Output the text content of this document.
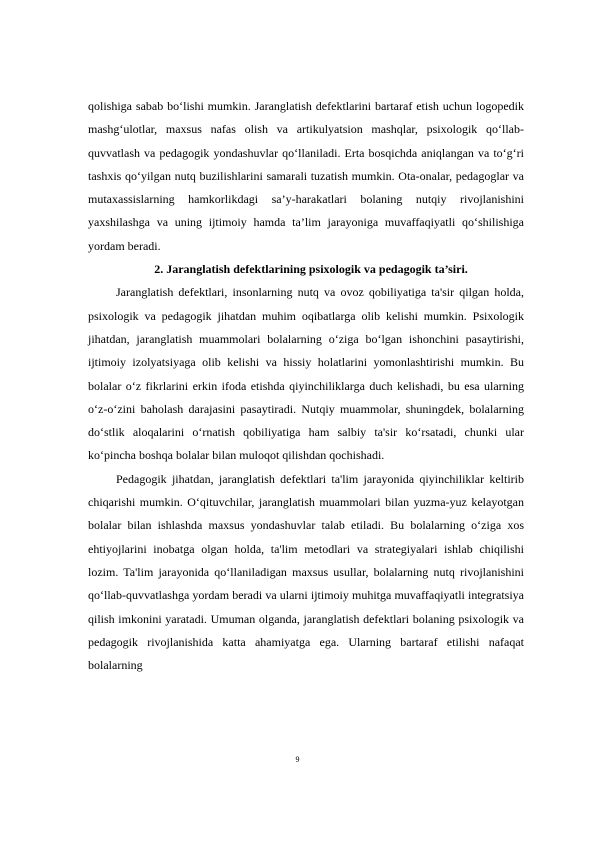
qolishiga sabab bo‘lishi mumkin. Jaranglatish defektlarini bartaraf etish uchun logopedik mashg‘ulotlar, maxsus nafas olish va artikulyatsion mashqlar, psixologik qo‘llab-quvvatlash va pedagogik yondashuvlar qo‘llaniladi. Erta bosqichda aniqlangan va to‘g‘ri tashxis qo‘yilgan nutq buzilishlarini samarali tuzatish mumkin. Ota-onalar, pedagoglar va mutaxassislarning hamkorlikdagi sa’y-harakatlari bolaning nutqiy rivojlanishini yaxshilashga va uning ijtimoiy hamda ta’lim jarayoniga muvaffaqiyatli qo‘shilishiga yordam beradi.

2. Jaranglatish defektlarining psixologik va pedagogik ta’siri.

Jaranglatish defektlari, insonlarning nutq va ovoz qobiliyatiga ta'sir qilgan holda, psixologik va pedagogik jihatdan muhim oqibatlarga olib kelishi mumkin. Psixologik jihatdan, jaranglatish muammolari bolalarning o‘ziga bo‘lgan ishonchini pasaytirishi, ijtimoiy izolyatsiyaga olib kelishi va hissiy holatlarini yomonlashtirishi mumkin. Bu bolalar o‘z fikrlarini erkin ifoda etishda qiyinchiliklarga duch kelishadi, bu esa ularning o‘z-o‘zini baholash darajasini pasaytiradi. Nutqiy muammolar, shuningdek, bolalarning do‘stlik aloqalarini o‘rnatish qobiliyatiga ham salbiy ta'sir ko‘rsatadi, chunki ular ko‘pincha boshqa bolalar bilan muloqot qilishdan qochishadi.

Pedagogik jihatdan, jaranglatish defektlari ta'lim jarayonida qiyinchiliklar keltirib chiqarishi mumkin. O‘qituvchilar, jaranglatish muammolari bilan yuzma-yuz kelayotgan bolalar bilan ishlashda maxsus yondashuvlar talab etiladi. Bu bolalarning o‘ziga xos ehtiyojlarini inobatga olgan holda, ta'lim metodlari va strategiyalari ishlab chiqilishi lozim. Ta'lim jarayonida qo‘llaniladigan maxsus usullar, bolalarning nutq rivojlanishini qo‘llab-quvvatlashga yordam beradi va ularni ijtimoiy muhitga muvaffaqiyatli integratsiya qilish imkonini yaratadi. Umuman olganda, jaranglatish defektlari bolaning psixologik va pedagogik rivojlanishida katta ahamiyatga ega. Ularning bartaraf etilishi nafaqat bolalarning

9
